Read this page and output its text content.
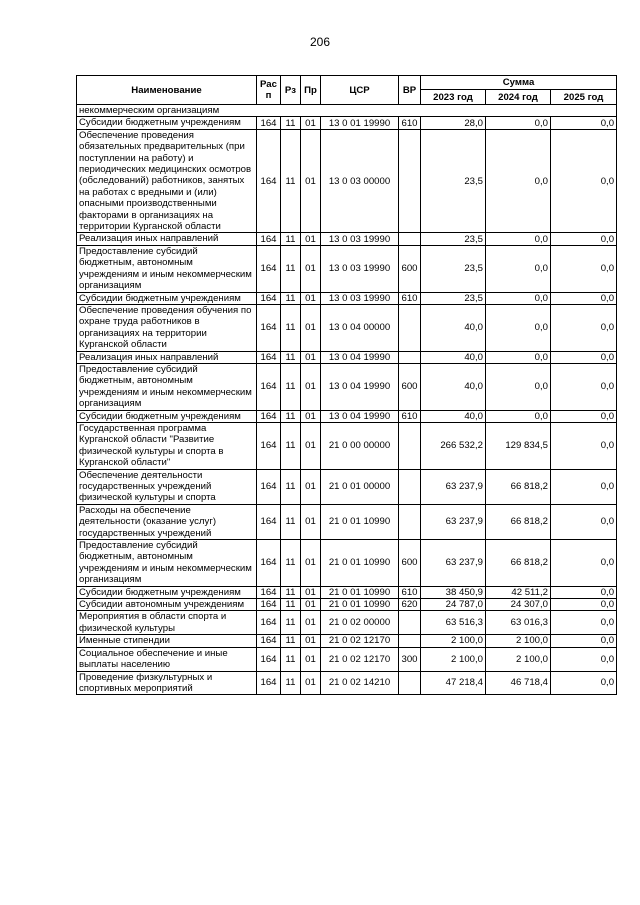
206
Наименование	Рас п	Рз	Пр	ЦСР	ВР	Сумма		
						2023 год	2024 год	2025 год
некоммерческим организациям								
Субсидии бюджетным учреждениям	164	11	01	13 0 01 19990	610	28,0	0,0	0,0
Обеспечение проведения обязательных предварительных (при поступлении на работу) и периодических медицинских осмотров (обследований) работников, занятых на работах с вредными и (или) опасными производственными факторами в организациях на территории Курганской области	164	11	01	13 0 03 00000		23,5	0,0	0,0
Реализация иных направлений	164	11	01	13 0 03 19990		23,5	0,0	0,0
Предоставление субсидий бюджетным, автономным учреждениям и иным некоммерческим организациям	164	11	01	13 0 03 19990	600	23,5	0,0	0,0
Субсидии бюджетным учреждениям	164	11	01	13 0 03 19990	610	23,5	0,0	0,0
Обеспечение проведения обучения по охране труда работников в организациях на территории Курганской области	164	11	01	13 0 04 00000		40,0	0,0	0,0
Реализация иных направлений	164	11	01	13 0 04 19990		40,0	0,0	0,0
Предоставление субсидий бюджетным, автономным учреждениям и иным некоммерческим организациям	164	11	01	13 0 04 19990	600	40,0	0,0	0,0
Субсидии бюджетным учреждениям	164	11	01	13 0 04 19990	610	40,0	0,0	0,0
Государственная программа Курганской области "Развитие физической культуры и спорта в Курганской области"	164	11	01	21 0 00 00000		266 532,2	129 834,5	0,0
Обеспечение деятельности государственных учреждений физической культуры и спорта	164	11	01	21 0 01 00000		63 237,9	66 818,2	0,0
Расходы на обеспечение деятельности (оказание услуг) государственных учреждений	164	11	01	21 0 01 10990		63 237,9	66 818,2	0,0
Предоставление субсидий бюджетным, автономным учреждениям и иным некоммерческим организациям	164	11	01	21 0 01 10990	600	63 237,9	66 818,2	0,0
Субсидии бюджетным учреждениям	164	11	01	21 0 01 10990	610	38 450,9	42 511,2	0,0
Субсидии автономным учреждениям	164	11	01	21 0 01 10990	620	24 787,0	24 307,0	0,0
Мероприятия в области спорта и физической культуры	164	11	01	21 0 02 00000		63 516,3	63 016,3	0,0
Именные стипендии	164	11	01	21 0 02 12170		2 100,0	2 100,0	0,0
Социальное обеспечение и иные выплаты населению	164	11	01	21 0 02 12170	300	2 100,0	2 100,0	0,0
Проведение физкультурных и спортивных мероприятий	164	11	01	21 0 02 14210		47 218,4	46 718,4	0,0
